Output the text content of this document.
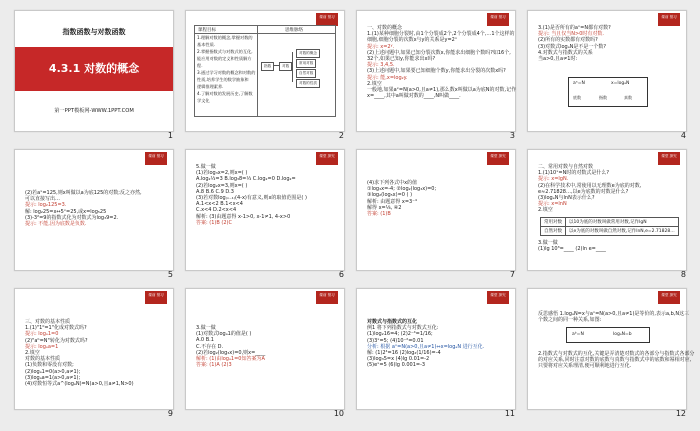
指数函数与对数函数
4.3.1 对数的概念
第一PPT模板网-WWW.1PPT.COM
1
课前 预习
课程目标	思维脉络
1.理解对数的概念,掌握对数的
基本性质.
2.掌握指数式与对数式的互化,
能应用对数的定义和性质解方
程.
3.通过学习对数的概念和对数的
性质,培养学生的数学抽象和
逻辑推理素养.
4.了解对数的发展历史,了解数
学文化
指数	对数
对数的概念
常用对数
自然对数
对数的性质
2
课前 预习
一、对数的概念
1.(1)某种细胞分裂时,由1个分裂成2个,2个分裂成4个,…1个这样的
细胞,细胞分裂的次数x与y的关系是y=2ˣ
提示: x=2ʸ.
(2)上述问题中,如果已知分裂次数x,你能求出细胞个数吗?如16个,
32个,如果已知y,你能求出x吗?
提示: 3,4,5.
(3)上述问题中,如果要已知细胞个数y,你能求出分裂的次数x吗?
提示: 能,x=log₂y.
2.填空
一般地,如果aˣ=N(a>0,且a≠1),那么数x叫做以a为底N的对数,记作
x=____,其中a叫做对数的____,N叫做____.
3
课前 预习
3.(1)是否所有的aˣ=N都有对数?
提示: 当且仅当N>0时有对数.
(2)所有的实数都有对数吗?
(3)对数式logₐN是不是一个数?
4.对数式与指数式的关系
当a>0,且a≠1时:
aˣ=N	x=logₐN
底数	指数	真数
4
课前 预习
(2)若aˣ=125,则x叫做以a为底125的对数;反之亦然,
可以直接写出…
提示: log₂125=3.
解: log₂25=x↔5ˣ=25,或x=log₅25
(3)-3²=9的指数式化为对数式为log₃9=2.
提示: 不能,因为底数是负数.
5
课堂 探究
5.做一做
(1)若log₃x=2,则x=( )
A.log₂⅓=3 B.log₃8=⅓ C.log₂=0 D.log₂=
(2)若log₂x=3,则x=( )
A.8 B.6 C.9 D.3
(3)若对数log₍ₓ₋₁₎(4-x)有意义,则x的取值范围是( )
A.1<x<2 B.1<x<4
C.x<4 D.2<x<4
解析: (3)由题意得 x-1>0, x-1≠1, 4-x>0
答案: (1)B (2)C
6
课堂 探究
(4)求下列各式中x的值
①log₃x=-4; ②log₂(log₃x)=0;
③log₂(log₅x)=0 ( )
解析: 由题意得 x=3⁻⁴
解得 x=⅛, ④2
答案: (1)B
7
课堂 探究
二、常用对数与自然对数
1.(1)10ˣ=N时的对数式是什么?
提示: x=lgN.
(2)在科学技术中,常使用以无理数e为底的对数,
e≈2.71828…,以e为底数的对数是什么?
(3)logₑN与lnN表示什么?
提示: x=lnN
2.填空
常用对数	以10为底的对数叫做常用对数,记作lgN
自然对数	以e为底的对数叫做自然对数,记作lnN,e=2.71828…
3.做一做
(1)lg 10³=____ (2)ln e=____
8
课前 预习
三、对数的基本性质
1.(1)"1⁰=1"化成对数式吗?
提示: logₐ1=0
(2)"aᵇ=N"转化为对数式吗?
提示: logₐa=1
2.填空
对数的基本性质
(1)负数和零没有对数;
(2)logₐ1=0(a>0,a≠1);
(3)logₐa=1(a>0,a≠1);
(4)对数恒等式a^(logₐN)=N(a>0,且a≠1,N>0)
9
课前 预习
3.做一做
(1)对数式logₐ1的值是( )
A.0 B.1
C.不存在 D.
(2)若log₂(log₃x)=0,则x=____
解析: (1)由logₐ1=0知答案为A
答案: (1)A (2)3
10
课堂 探究
对数式与指数式的互化
例1 将下列指数式与对数式互化:
(1)log₂16=4; (2)2⁻⁴=1/16;
(3)3ˣ=5; (4)10⁻²=0.01
分析: 根据 aˣ=N(a>0,且a≠1)⇔x=logₐN 进行互化.
解: (1)2⁴=16 (2)log₂(1/16)=-4
(3)log₃5=x (4)lg 0.01=-2
(5)eˣ=5 (6)lg 0.001=-3
11
课堂 探究
反思感悟 1.logₐN=x与aˣ=N(a>0,且a≠1)是等价的,表示a,b,N这三
个数之间的同一种关系,如图:
aᵇ=N	logₐN=b
2.指数式与对数式的互化,关键是弄清楚对数式的各部分与指数式各部分
的对应关系,同时注意对数的底数与真数与指数式中的底数和幂相对应,
只要将对应关系理清,便可顺利地进行互化.
12
